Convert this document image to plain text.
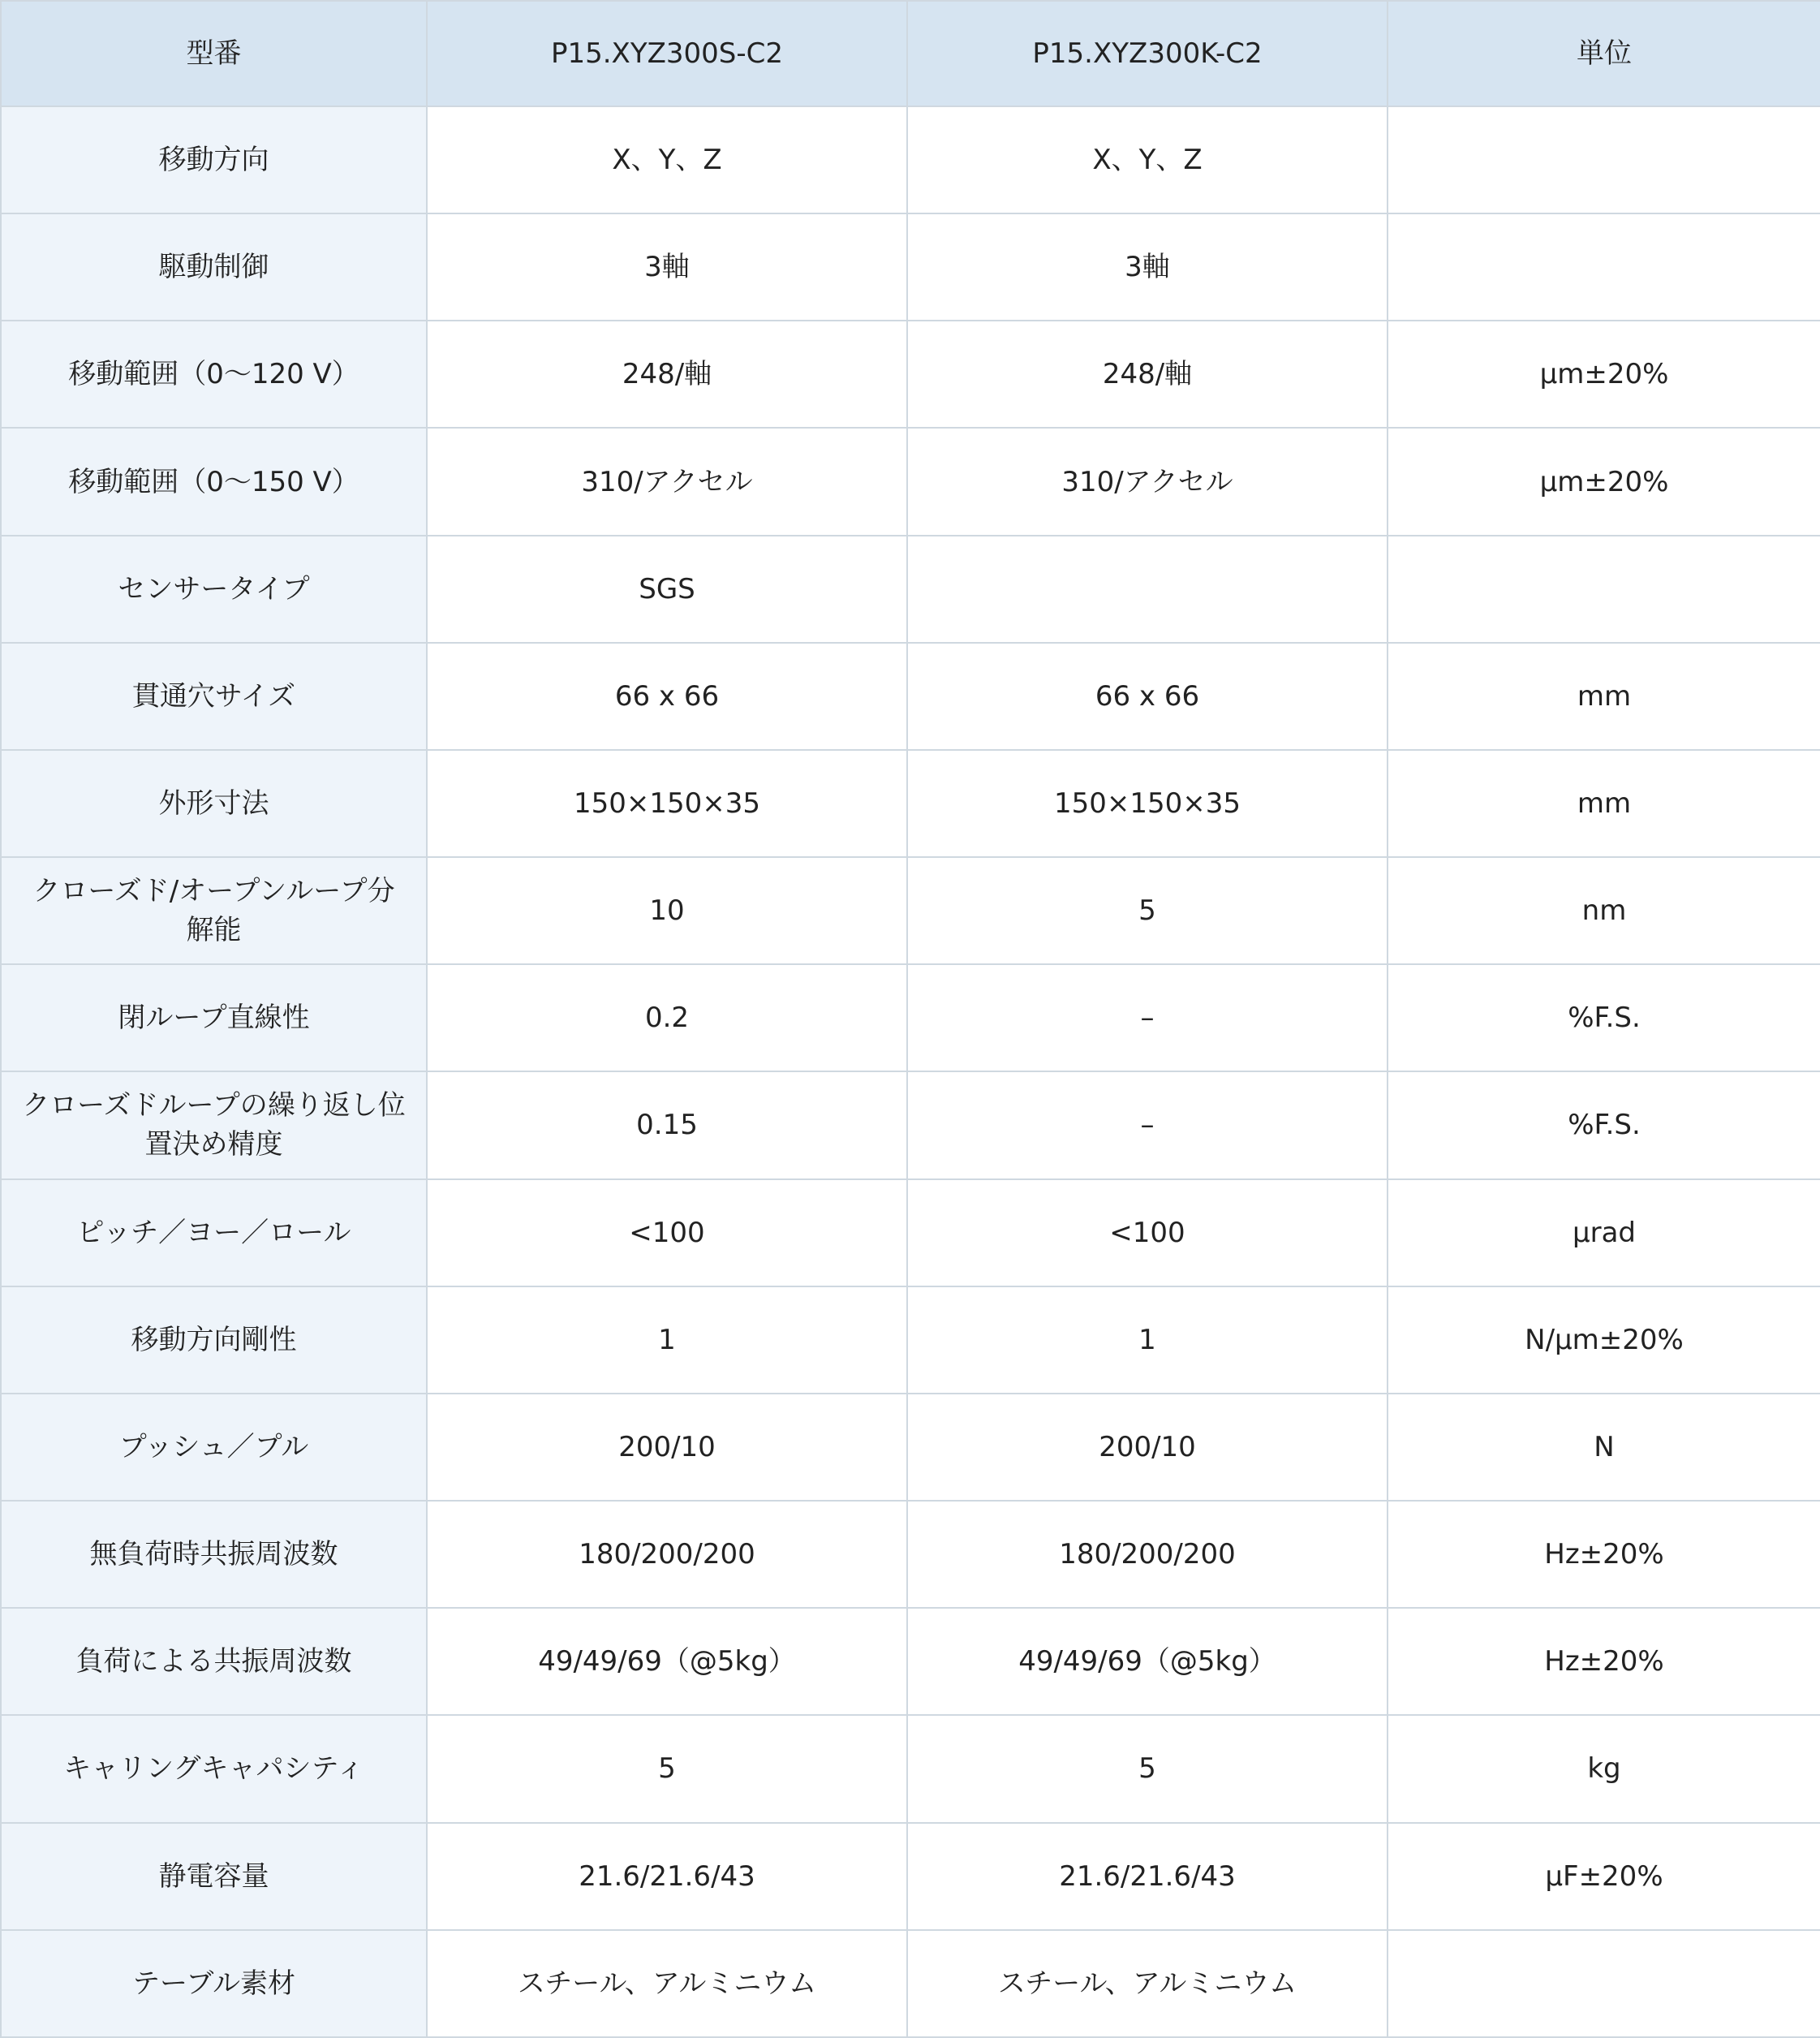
型番	P15.XYZ300S-C2	P15.XYZ300K-C2	単位
移動方向	X、Y、Z	X、Y、Z	
駆動制御	3軸	3軸	
移動範囲（0～120 V）	248/軸	248/軸	μm±20%
移動範囲（0～150 V）	310/アクセル	310/アクセル	μm±20%
センサータイプ	SGS		
貫通穴サイズ	66 x 66	66 x 66	mm
外形寸法	150×150×35	150×150×35	mm
クローズド/オープンループ分解能	10	5	nm
閉ループ直線性	0.2	–	%F.S.
クローズドループの繰り返し位置決め精度	0.15	–	%F.S.
ピッチ／ヨー／ロール	<100	<100	μrad
移動方向剛性	1	1	N/μm±20%
プッシュ／プル	200/10	200/10	N
無負荷時共振周波数	180/200/200	180/200/200	Hz±20%
負荷による共振周波数	49/49/69（@5kg）	49/49/69（@5kg）	Hz±20%
キャリングキャパシティ	5	5	kg
静電容量	21.6/21.6/43	21.6/21.6/43	μF±20%
テーブル素材	スチール、アルミニウム	スチール、アルミニウム	
